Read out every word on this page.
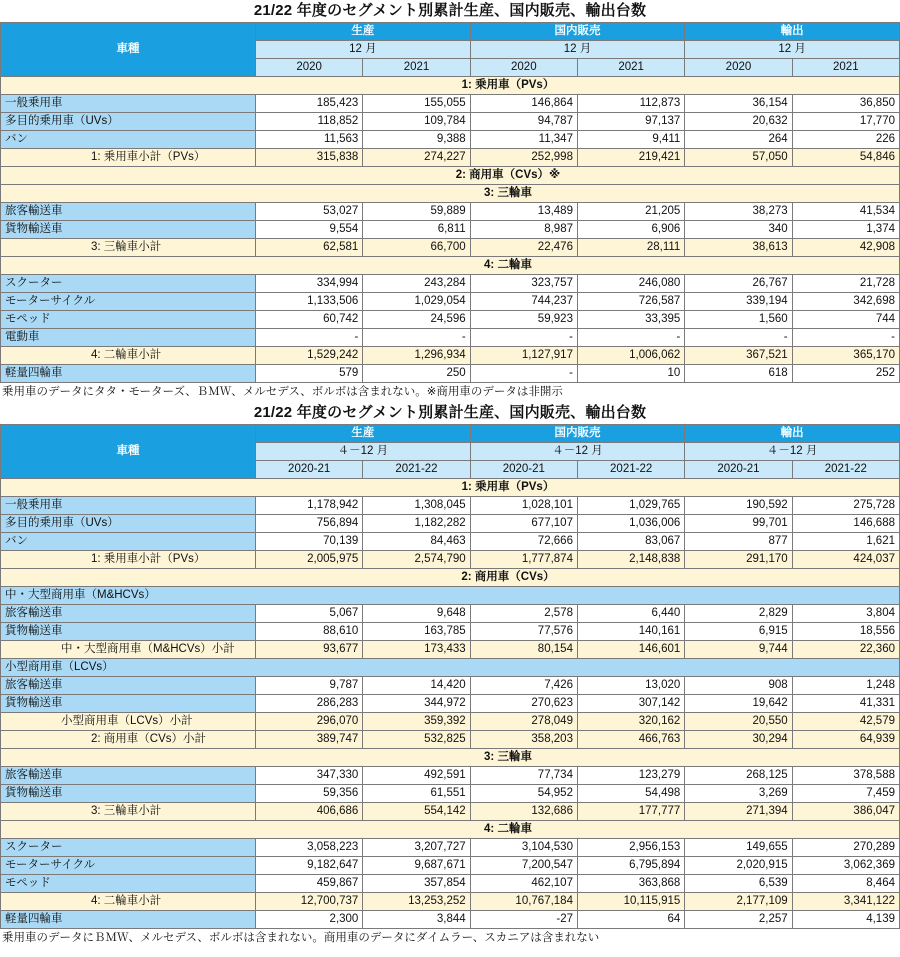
21/22 年度のセグメント別累計生産、国内販売、輸出台数
車種	生産		国内販売		輸出	
	12 月		12 月		12 月	
	2020	2021	2020	2021	2020	2021
1: 乗用車（PVs）						
一般乗用車	185,423	155,055	146,864	112,873	36,154	36,850
多目的乗用車（UVs）	118,852	109,784	94,787	97,137	20,632	17,770
バン	11,563	9,388	11,347	9,411	264	226
1: 乗用車小計（PVs）	315,838	274,227	252,998	219,421	57,050	54,846
2: 商用車（CVs）※						
3: 三輪車						
旅客輸送車	53,027	59,889	13,489	21,205	38,273	41,534
貨物輸送車	9,554	6,811	8,987	6,906	340	1,374
3: 三輪車小計	62,581	66,700	22,476	28,111	38,613	42,908
4: 二輪車						
スクーター	334,994	243,284	323,757	246,080	26,767	21,728
モーターサイクル	1,133,506	1,029,054	744,237	726,587	339,194	342,698
モペッド	60,742	24,596	59,923	33,395	1,560	744
電動車	-	-	-	-	-	-
4: 二輪車小計	1,529,242	1,296,934	1,127,917	1,006,062	367,521	365,170
軽量四輪車	579	250	-	10	618	252
乗用車のデータにタタ・モーターズ、ＢＭＷ、メルセデス、ボルボは含まれない。※商用車のデータは非開示
21/22 年度のセグメント別累計生産、国内販売、輸出台数
車種	生産		国内販売		輸出	
	４－12 月		４－12 月		４－12 月	
	2020-21	2021-22	2020-21	2021-22	2020-21	2021-22
1: 乗用車（PVs）						
一般乗用車	1,178,942	1,308,045	1,028,101	1,029,765	190,592	275,728
多目的乗用車（UVs）	756,894	1,182,282	677,107	1,036,006	99,701	146,688
バン	70,139	84,463	72,666	83,067	877	1,621
1: 乗用車小計（PVs）	2,005,975	2,574,790	1,777,874	2,148,838	291,170	424,037
2: 商用車（CVs）						
中・大型商用車（M&HCVs）						
旅客輸送車	5,067	9,648	2,578	6,440	2,829	3,804
貨物輸送車	88,610	163,785	77,576	140,161	6,915	18,556
中・大型商用車（M&HCVs）小計	93,677	173,433	80,154	146,601	9,744	22,360
小型商用車（LCVs）						
旅客輸送車	9,787	14,420	7,426	13,020	908	1,248
貨物輸送車	286,283	344,972	270,623	307,142	19,642	41,331
小型商用車（LCVs）小計	296,070	359,392	278,049	320,162	20,550	42,579
2: 商用車（CVs）小計	389,747	532,825	358,203	466,763	30,294	64,939
3: 三輪車						
旅客輸送車	347,330	492,591	77,734	123,279	268,125	378,588
貨物輸送車	59,356	61,551	54,952	54,498	3,269	7,459
3: 三輪車小計	406,686	554,142	132,686	177,777	271,394	386,047
4: 二輪車						
スクーター	3,058,223	3,207,727	3,104,530	2,956,153	149,655	270,289
モーターサイクル	9,182,647	9,687,671	7,200,547	6,795,894	2,020,915	3,062,369
モペッド	459,867	357,854	462,107	363,868	6,539	8,464
4: 二輪車小計	12,700,737	13,253,252	10,767,184	10,115,915	2,177,109	3,341,122
軽量四輪車	2,300	3,844	-27	64	2,257	4,139
乗用車のデータにＢＭＷ、メルセデス、ボルボは含まれない。商用車のデータにダイムラー、スカニアは含まれない
